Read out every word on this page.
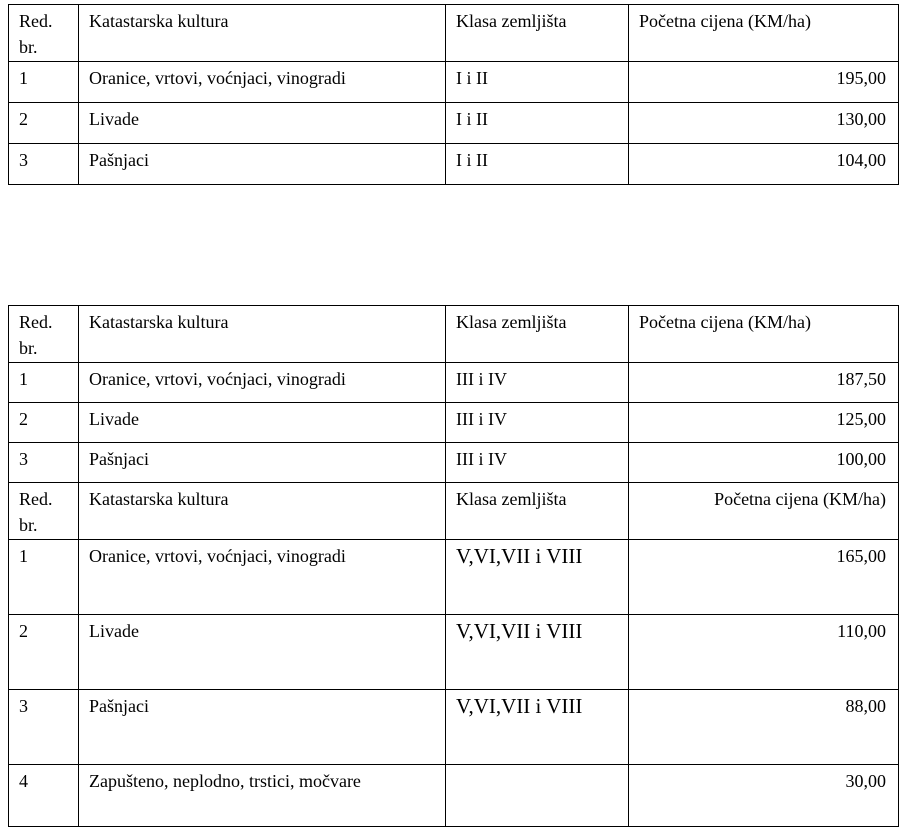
Red. br.	Katastarska kultura	Klasa zemljišta	Početna cijena (KM/ha)
1	Oranice, vrtovi, voćnjaci, vinogradi	I i II	195,00
2	Livade	I i II	130,00
3	Pašnjaci	I i II	104,00
Red. br.	Katastarska kultura	Klasa zemljišta	Početna cijena (KM/ha)
1	Oranice, vrtovi, voćnjaci, vinogradi	III i IV	187,50
2	Livade	III i IV	125,00
3	Pašnjaci	III i IV	100,00
Red. br.	Katastarska kultura	Klasa zemljišta	Početna cijena (KM/ha)
1	Oranice, vrtovi, voćnjaci, vinogradi	V,VI,VII i VIII	165,00
2	Livade	V,VI,VII i VIII	110,00
3	Pašnjaci	V,VI,VII i VIII	88,00
4	Zapušteno, neplodno, trstici, močvare		30,00
